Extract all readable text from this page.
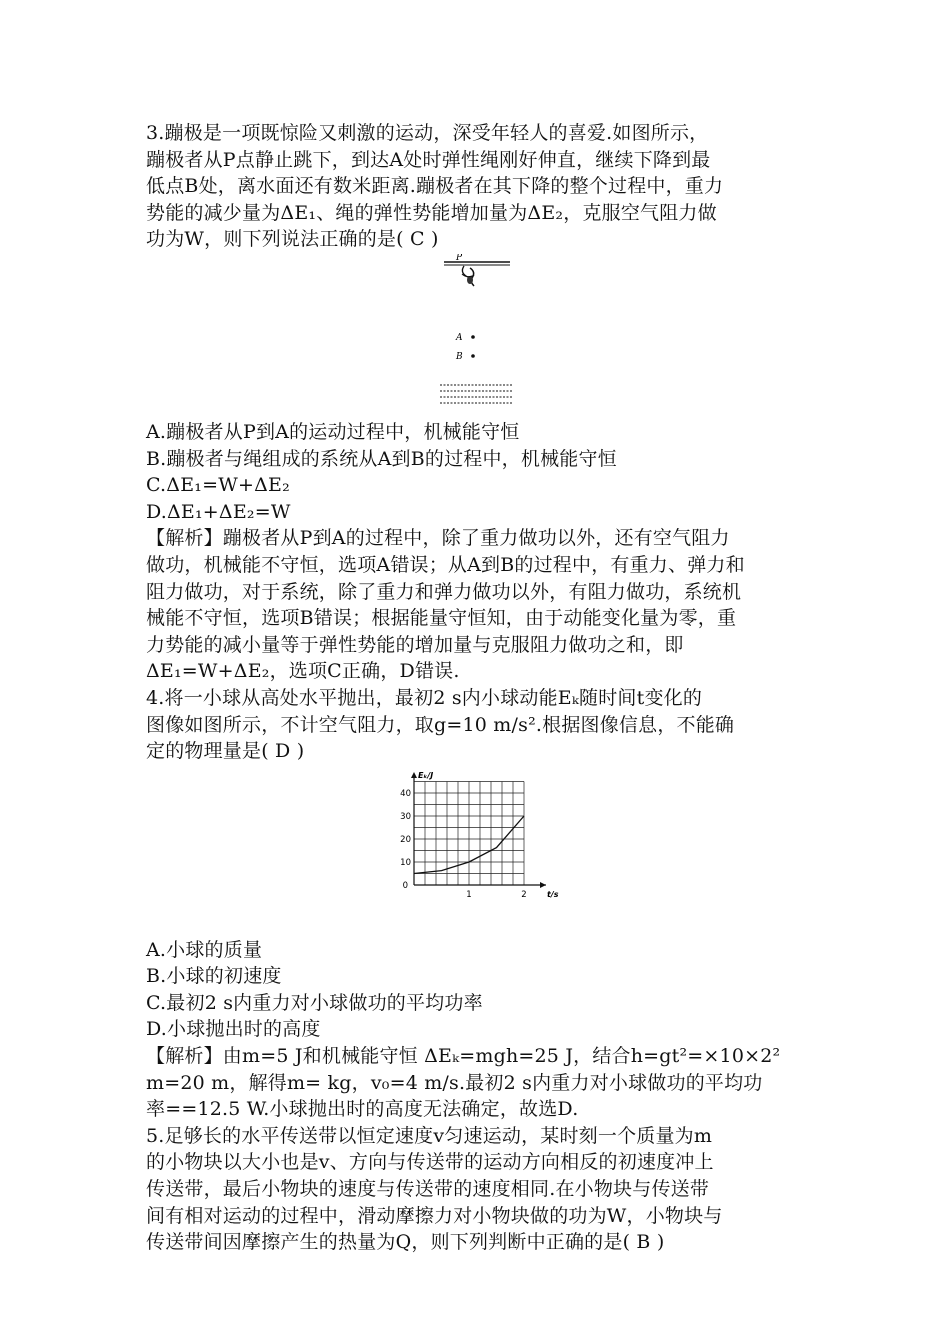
3.蹦极是一项既惊险又刺激的运动，深受年轻人的喜爱.如图所示，
蹦极者从P点静止跳下，到达A处时弹性绳刚好伸直，继续下降到最
低点B处，离水面还有数米距离.蹦极者在其下降的整个过程中，重力
势能的减少量为ΔE₁、绳的弹性势能增加量为ΔE₂，克服空气阻力做
功为W，则下列说法正确的是( C )
A.蹦极者从P到A的运动过程中，机械能守恒
B.蹦极者与绳组成的系统从A到B的过程中，机械能守恒
C.ΔE₁=W+ΔE₂
D.ΔE₁+ΔE₂=W
【解析】蹦极者从P到A的过程中，除了重力做功以外，还有空气阻力
做功，机械能不守恒，选项A错误；从A到B的过程中，有重力、弹力和
阻力做功，对于系统，除了重力和弹力做功以外，有阻力做功，系统机
械能不守恒，选项B错误；根据能量守恒知，由于动能变化量为零，重
力势能的减小量等于弹性势能的增加量与克服阻力做功之和，即
ΔE₁=W+ΔE₂，选项C正确，D错误.
4.将一小球从高处水平抛出，最初2 s内小球动能Eₖ随时间t变化的
图像如图所示，不计空气阻力，取g=10 m/s².根据图像信息，不能确
定的物理量是( D )
A.小球的质量
B.小球的初速度
C.最初2 s内重力对小球做功的平均功率
D.小球抛出时的高度
【解析】由m=5 J和机械能守恒 ΔEₖ=mgh=25 J，结合h=gt²=×10×2²
m=20 m，解得m= kg，v₀=4 m/s.最初2 s内重力对小球做功的平均功
率==12.5 W.小球抛出时的高度无法确定，故选D.
5.足够长的水平传送带以恒定速度v匀速运动，某时刻一个质量为m
的小物块以大小也是v、方向与传送带的运动方向相反的初速度冲上
传送带，最后小物块的速度与传送带的速度相同.在小物块与传送带
间有相对运动的过程中，滑动摩擦力对小物块做的功为W，小物块与
传送带间因摩擦产生的热量为Q，则下列判断中正确的是( B )
P
A
B
0
10
20
30
40
1	2
Eₖ/J
t/s
